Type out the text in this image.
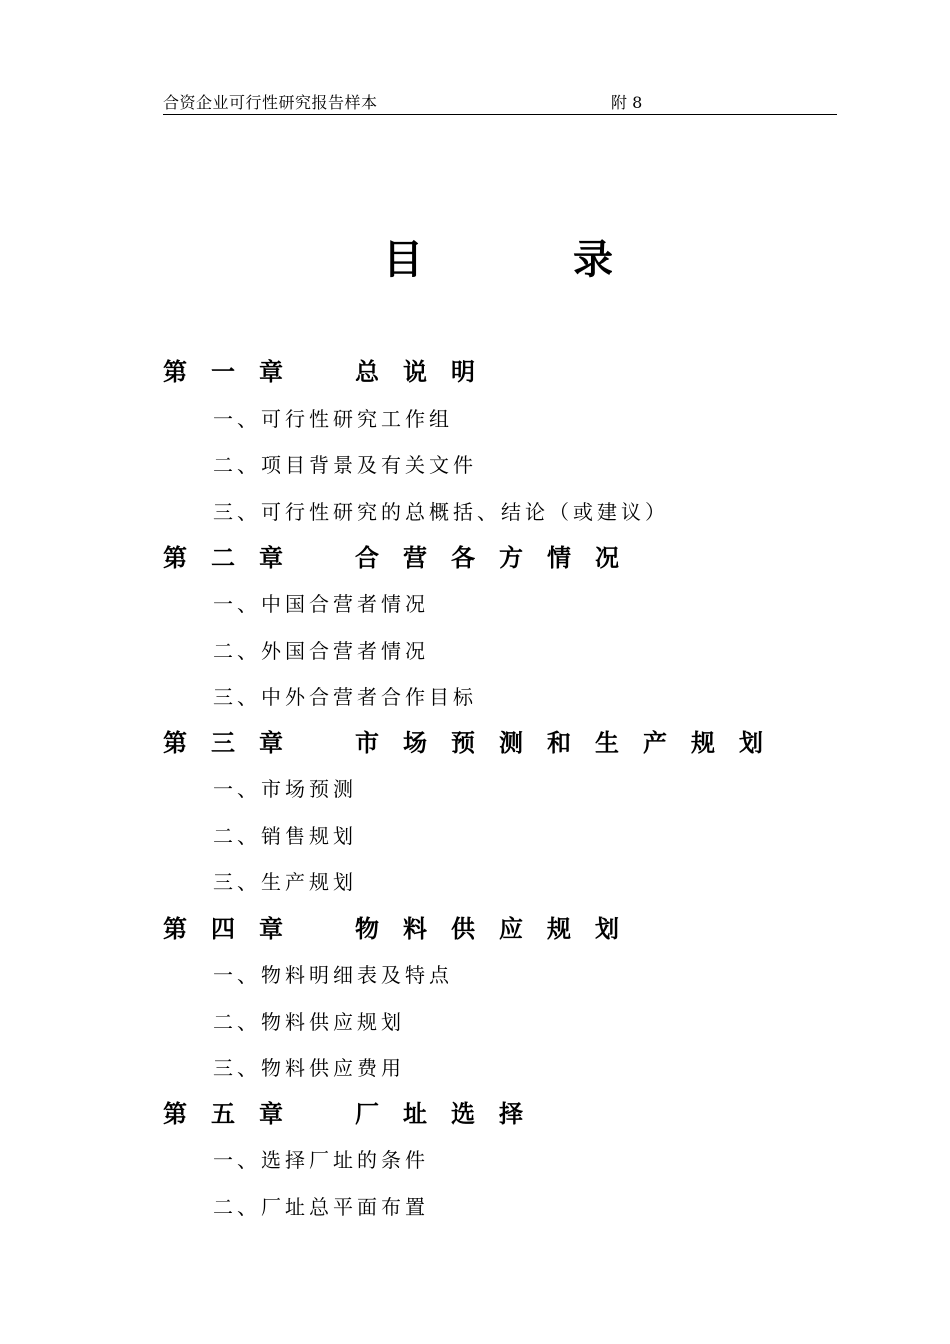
合资企业可行性研究报告样本	附 8
目	录
第一章 总说明
一、可行性研究工作组
二、项目背景及有关文件
三、可行性研究的总概括、结论（或建议）
第二章 合营各方情况
一、中国合营者情况
二、外国合营者情况
三、中外合营者合作目标
第三章 市场预测和生产规划
一、市场预测
二、销售规划
三、生产规划
第四章 物料供应规划
一、物料明细表及特点
二、物料供应规划
三、物料供应费用
第五章 厂址选择
一、选择厂址的条件
二、厂址总平面布置
